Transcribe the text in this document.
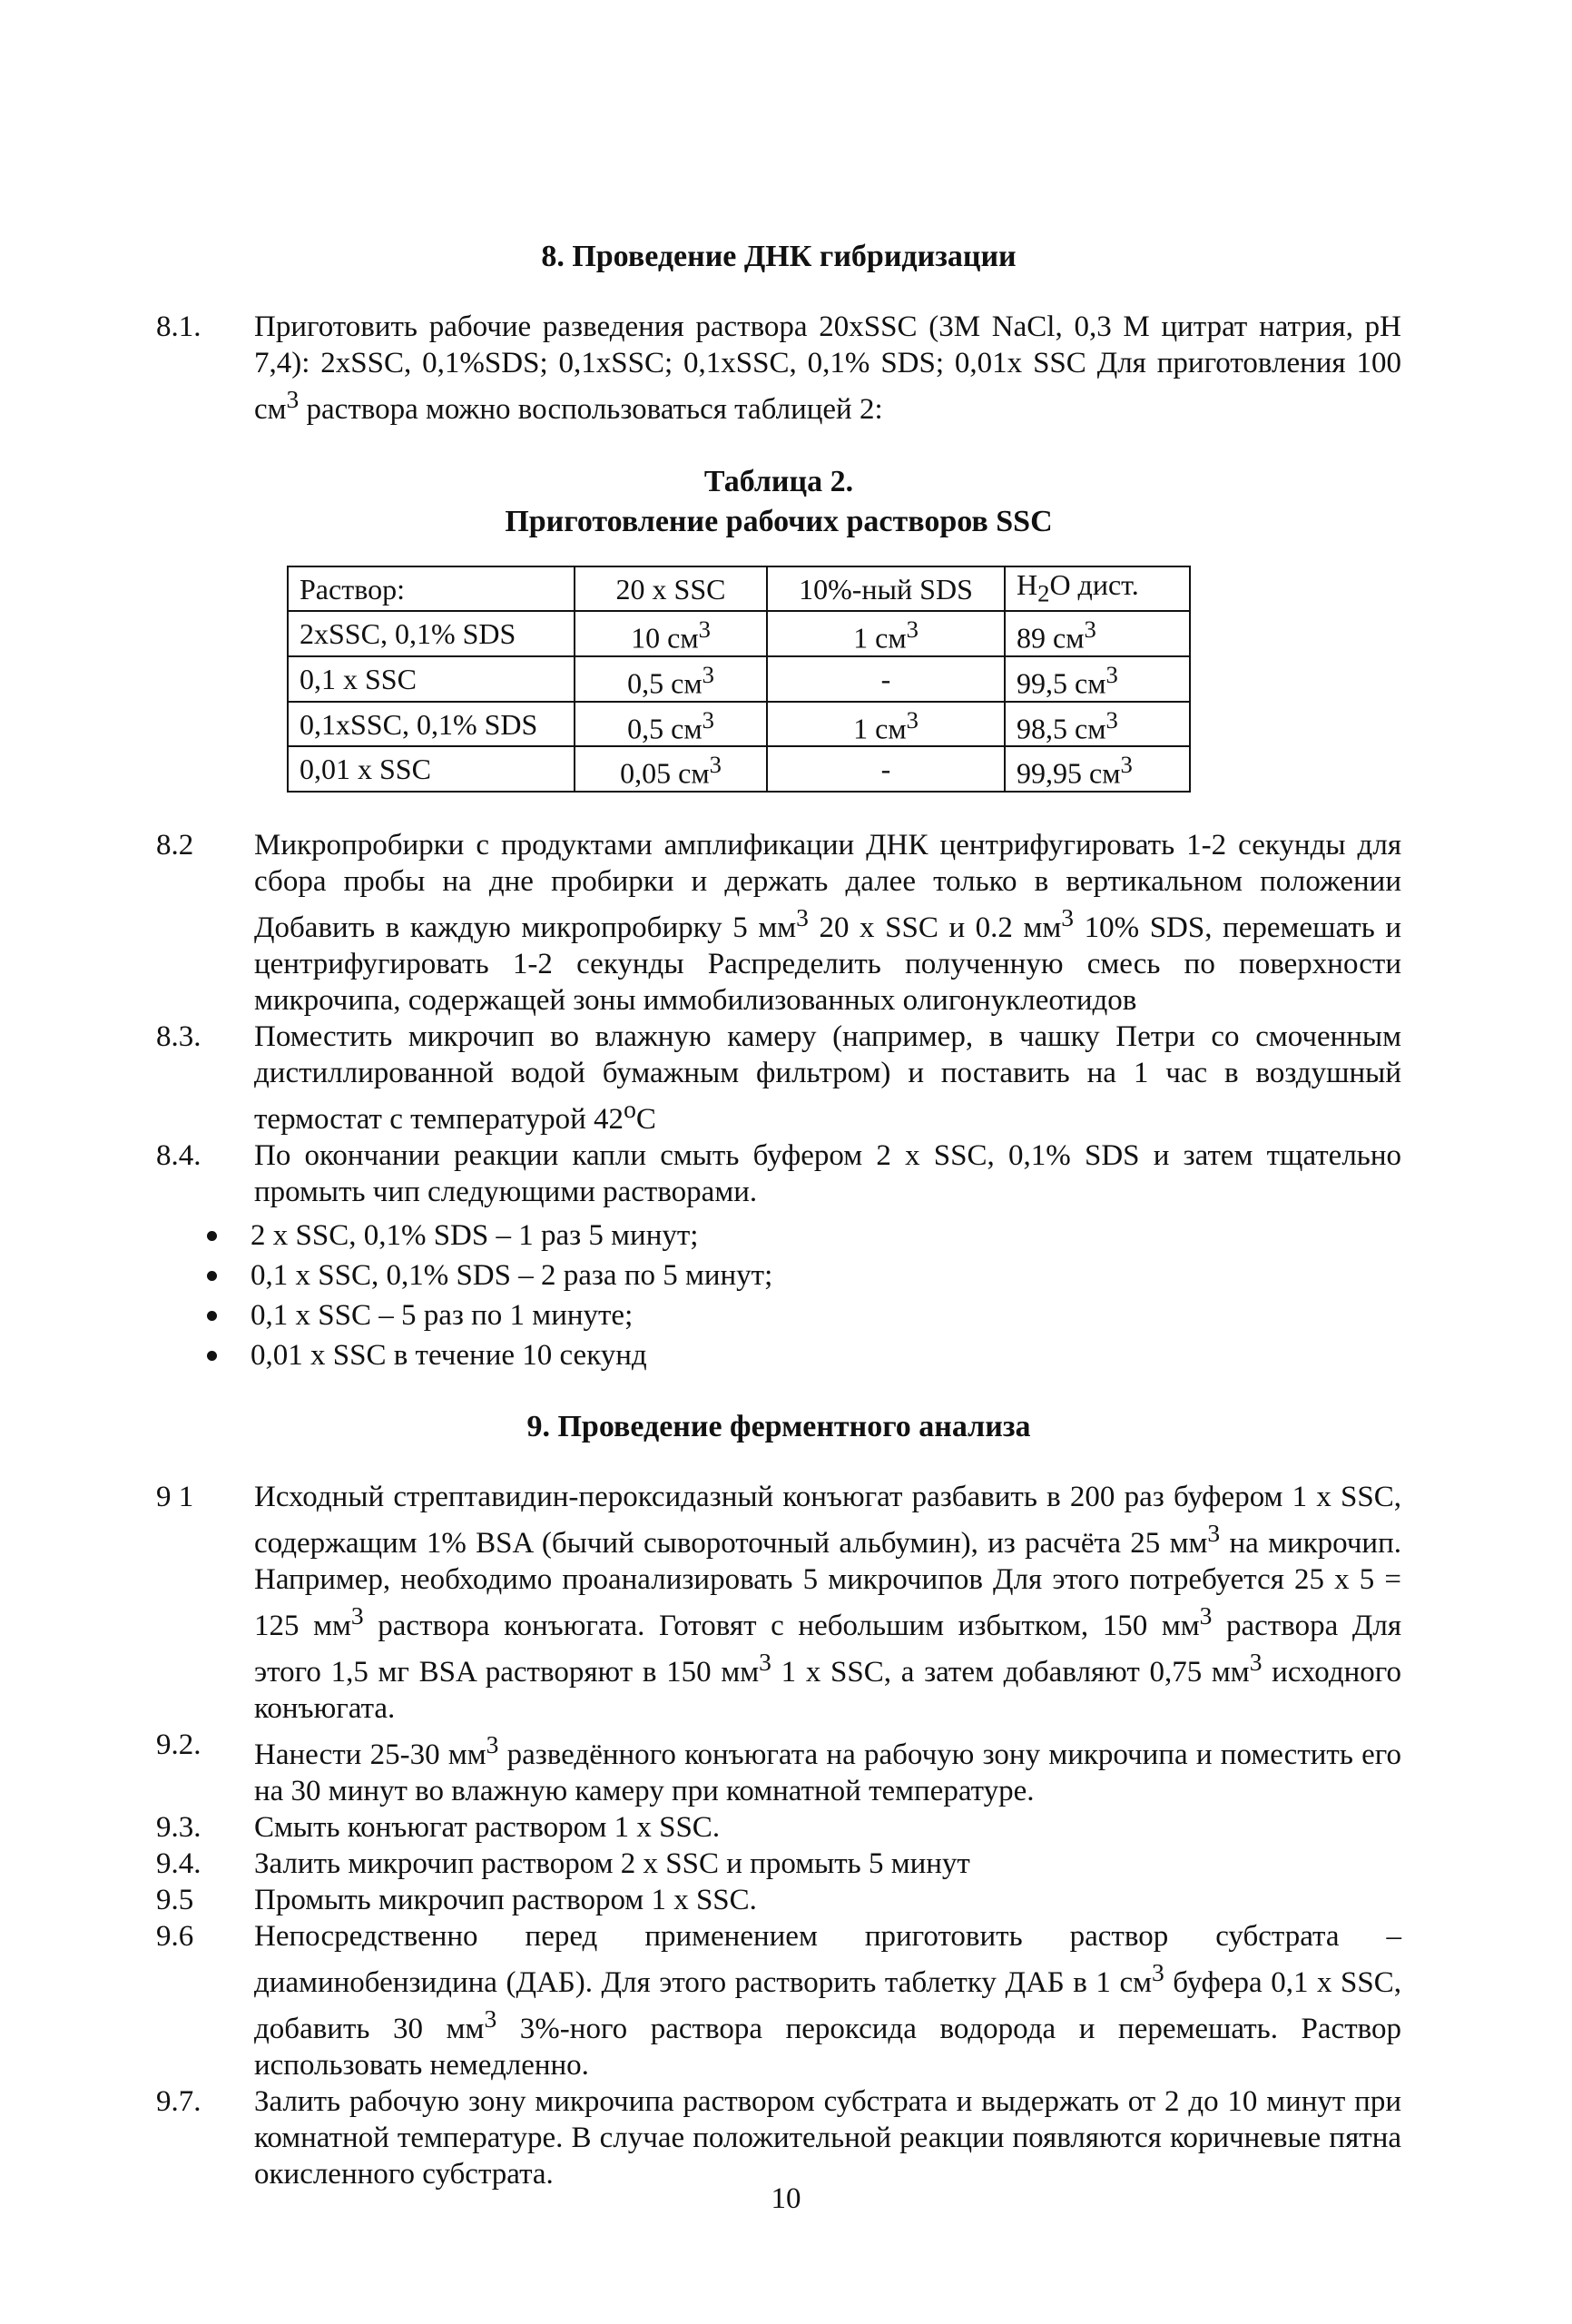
8. Проведение ДНК гибридизации
8.1.	Приготовить рабочие разведения раствора 20xSSC (3M NaCl, 0,3 М цитрат натрия, pH 7,4): 2xSSC, 0,1%SDS; 0,1xSSC; 0,1xSSC, 0,1% SDS; 0,01x SSC Для приготовления 100 $см^3$ раствора можно воспользоваться таблицей 2:
Таблица 2.
Приготовление рабочих растворов SSC
Раствор:	20 x SSC	10%-ный SDS	$H_2O$ дист.
2xSSC, 0,1% SDS	10 $см^3$	1 $см^3$	89 $см^3$
0,1 x SSC	0,5 $см^3$	-	99,5 $см^3$
0,1xSSC, 0,1% SDS	0,5 $см^3$	1 $см^3$	98,5 $см^3$
0,01 x SSC	0,05 $см^3$	-	99,95 $см^3$
8.2	Микропробирки с продуктами амплификации ДНК центрифугировать 1-2 секунды для сбора пробы на дне пробирки и держать далее только в вертикальном положении Добавить в каждую микропробирку 5 $мм^3$ 20 x SSC и 0.2 $мм^3$ 10% SDS, перемешать и центрифугировать 1-2 секунды Распределить полученную смесь по поверхности микрочипа, содержащей зоны иммобилизованных олигонуклеотидов
8.3.	Поместить микрочип во влажную камеру (например, в чашку Петри со смоченным дистиллированной водой бумажным фильтром) и поставить на 1 час в воздушный термостат с температурой 42$^o$C
8.4.	По окончании реакции капли смыть буфером 2 x SSC, 0,1% SDS и затем тщательно промыть чип следующими растворами.
2 x SSC, 0,1% SDS – 1 раз 5 минут;
0,1 x SSC, 0,1% SDS – 2 раза по 5 минут;
0,1 x SSC – 5 раз по 1 минуте;
0,01 x SSC в течение 10 секунд
9. Проведение ферментного анализа
9 1	Исходный стрептавидин-пероксидазный конъюгат разбавить в 200 раз буфером 1 x SSC, содержащим 1% BSA (бычий сывороточный альбумин), из расчёта 25 $мм^3$ на микрочип. Например, необходимо проанализировать 5 микрочипов Для этого потребуется 25 x 5 = 125 $мм^3$ раствора конъюгата. Готовят с небольшим избытком, 150 $мм^3$ раствора Для этого 1,5 мг BSA растворяют в 150 $мм^3$ 1 x SSC, а затем добавляют 0,75 $мм^3$ исходного конъюгата.
9.2.	Нанести 25-30 $мм^3$ разведённого конъюгата на рабочую зону микрочипа и поместить его на 30 минут во влажную камеру при комнатной температуре.
9.3.	Смыть конъюгат раствором 1 x SSC.
9.4.	Залить микрочип раствором 2 x SSC и промыть 5 минут
9.5	Промыть микрочип раствором 1 x SSC.
9.6	Непосредственно перед применением приготовить раствор субстрата – диаминобензидина (ДАБ). Для этого растворить таблетку ДАБ в 1 $см^3$ буфера 0,1 x SSC, добавить 30 $мм^3$ 3%-ного раствора пероксида водорода и перемешать. Раствор использовать немедленно.
9.7.	Залить рабочую зону микрочипа раствором субстрата и выдержать от 2 до 10 минут при комнатной температуре. В случае положительной реакции появляются коричневые пятна окисленного субстрата.
10
